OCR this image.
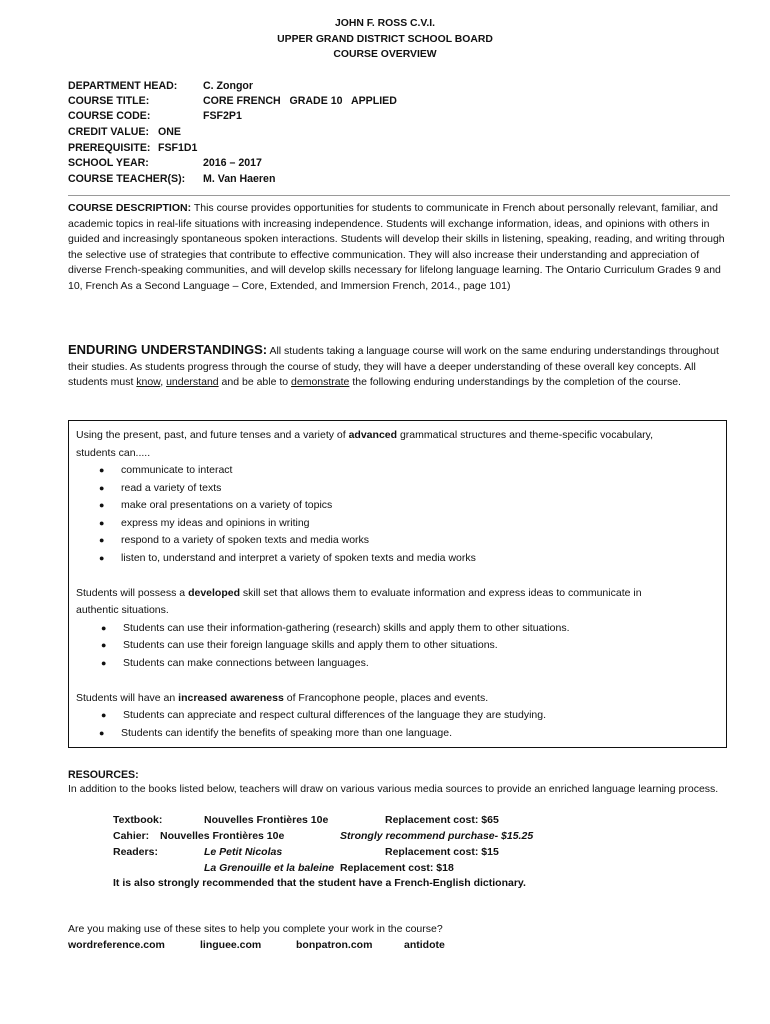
JOHN F. ROSS C.V.I.
UPPER GRAND DISTRICT SCHOOL BOARD
COURSE OVERVIEW
DEPARTMENT HEAD: C. Zongor
COURSE TITLE:	CORE FRENCH   GRADE 10   APPLIED
COURSE CODE:	FSF2P1
CREDIT VALUE: ONE
PREREQUISITE: FSF1D1
SCHOOL YEAR:	2016 – 2017
COURSE TEACHER(S): M. Van Haeren
COURSE DESCRIPTION: This course provides opportunities for students to communicate in French about personally relevant, familiar, and academic topics in real-life situations with increasing independence. Students will exchange information, ideas, and opinions with others in guided and increasingly spontaneous spoken interactions. Students will develop their skills in listening, speaking, reading, and writing through the selective use of strategies that contribute to effective communication. They will also increase their understanding and appreciation of diverse French-speaking communities, and will develop skills necessary for lifelong language learning. The Ontario Curriculum Grades 9 and 10, French As a Second Language – Core, Extended, and Immersion French, 2014., page 101)
ENDURING UNDERSTANDINGS: All students taking a language course will work on the same enduring understandings throughout their studies. As students progress through the course of study, they will have a deeper understanding of these overall key concepts. All students must know, understand and be able to demonstrate the following enduring understandings by the completion of the course.
Using the present, past, and future tenses and a variety of advanced grammatical structures and theme-specific vocabulary,
students can.....
● communicate to interact
● read a variety of texts
● make oral presentations on a variety of topics
● express my ideas and opinions in writing
● respond to a variety of spoken texts and media works
● listen to, understand and interpret a variety of spoken texts and media works
Students will possess a developed skill set that allows them to evaluate information and express ideas to communicate in
authentic situations.
● Students can use their information-gathering (research) skills and apply them to other situations.
● Students can use their foreign language skills and apply them to other situations.
● Students can make connections between languages.
Students will have an increased awareness of Francophone people, places and events.
● Students can appreciate and respect cultural differences of the language they are studying.
● Students can identify the benefits of speaking more than one language.
RESOURCES:
In addition to the books listed below, teachers will draw on various various media sources to provide an enriched language learning process.
Textbook:	Nouvelles Frontières 10e	Replacement cost: $65
Cahier: Nouvelles Frontières 10e	Strongly recommend purchase- $15.25
Readers:	Le Petit Nicolas	Replacement cost: $15
La Grenouille et la baleine Replacement cost: $18
It is also strongly recommended that the student have a French-English dictionary.
Are you making use of these sites to help you complete your work in the course?
wordreference.com	linguee.com	bonpatron.com	antidote
